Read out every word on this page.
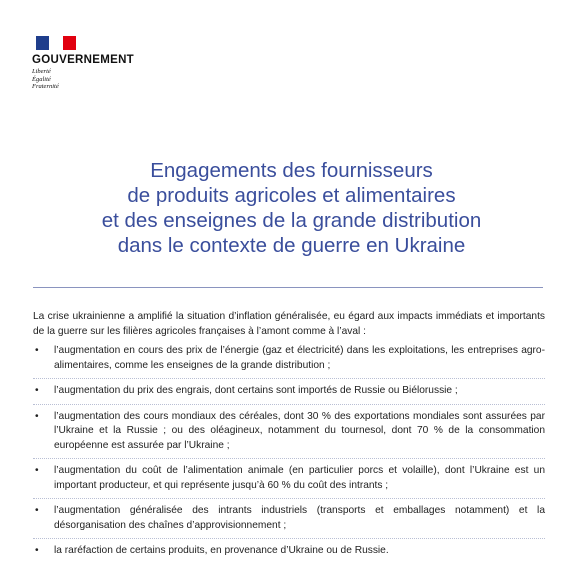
GOUVERNEMENT
Liberté
Égalité
Fraternité
Engagements des fournisseurs
de produits agricoles et alimentaires
et des enseignes de la grande distribution
dans le contexte de guerre en Ukraine
La crise ukrainienne a amplifié la situation d’inflation généralisée, eu égard aux impacts immédiats et importants de la guerre sur les filières agricoles françaises à l’amont comme à l’aval :
• l’augmentation en cours des prix de l’énergie (gaz et électricité) dans les exploitations, les entreprises agro-alimentaires, comme les enseignes de la grande distribution ;
• l’augmentation du prix des engrais, dont certains sont importés de Russie ou Biélorussie ;
• l’augmentation des cours mondiaux des céréales, dont 30 % des exportations mondiales sont assurées par l’Ukraine et la Russie ; ou des oléagineux, notamment du tournesol, dont 70 % de la consommation européenne est assurée par l’Ukraine ;
• l’augmentation du coût de l’alimentation animale (en particulier porcs et volaille), dont l’Ukraine est un important producteur, et qui représente jusqu’à 60 % du coût des intrants ;
• l’augmentation généralisée des intrants industriels (transports et emballages notamment) et la désorganisation des chaînes d’approvisionnement ;
• la raréfaction de certains produits, en provenance d’Ukraine ou de Russie.
